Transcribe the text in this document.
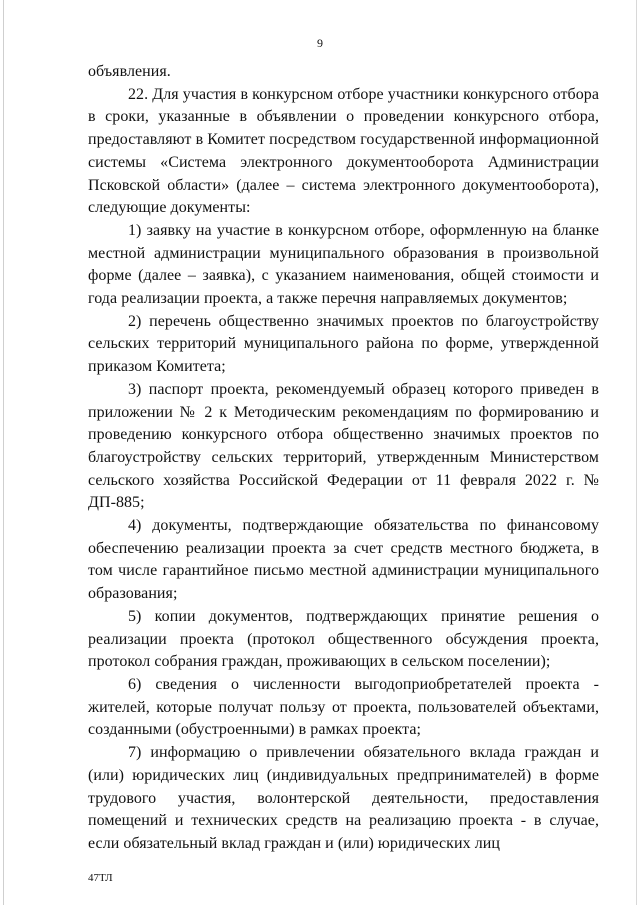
9

объявления.

22. Для участия в конкурсном отборе участники конкурсного отбора в сроки, указанные в объявлении о проведении конкурсного отбора, предоставляют в Комитет посредством государственной информационной системы «Система электронного документооборота Администрации Псковской области» (далее – система электронного документооборота), следующие документы:

1) заявку на участие в конкурсном отборе, оформленную на бланке местной администрации муниципального образования в произвольной форме (далее – заявка), с указанием наименования, общей стоимости и года реализации проекта, а также перечня направляемых документов;

2) перечень общественно значимых проектов по благоустройству сельских территорий муниципального района по форме, утвержденной приказом Комитета;

3) паспорт проекта, рекомендуемый образец которого приведен в приложении № 2 к Методическим рекомендациям по формированию и проведению конкурсного отбора общественно значимых проектов по благоустройству сельских территорий, утвержденным Министерством сельского хозяйства Российской Федерации от 11 февраля 2022 г. № ДП-885;

4) документы, подтверждающие обязательства по финансовому обеспечению реализации проекта за счет средств местного бюджета, в том числе гарантийное письмо местной администрации муниципального образования;

5) копии документов, подтверждающих принятие решения о реализации проекта (протокол общественного обсуждения проекта, протокол собрания граждан, проживающих в сельском поселении);

6) сведения о численности выгодоприобретателей проекта - жителей, которые получат пользу от проекта, пользователей объектами, созданными (обустроенными) в рамках проекта;

7) информацию о привлечении обязательного вклада граждан и (или) юридических лиц (индивидуальных предпринимателей) в форме трудового участия, волонтерской деятельности, предоставления помещений и технических средств на реализацию проекта - в случае, если обязательный вклад граждан и (или) юридических лиц

47ТЛ
